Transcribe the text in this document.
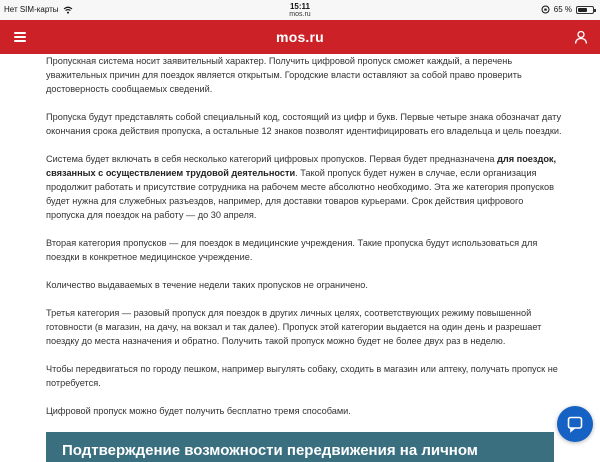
Нет SIM-карты	15:11
mos.ru
65 %
mos.ru

Пропускная система носит заявительный характер. Получить цифровой пропуск сможет каждый, а перечень уважительных причин для поездок является открытым. Городские власти оставляют за собой право проверить достоверность сообщаемых сведений.

Пропуска будут представлять собой специальный код, состоящий из цифр и букв. Первые четыре знака обозначат дату окончания срока действия пропуска, а остальные 12 знаков позволят идентифицировать его владельца и цель поездки.

Система будет включать в себя несколько категорий цифровых пропусков. Первая будет предназначена для поездок, связанных с осуществлением трудовой деятельности. Такой пропуск будет нужен в случае, если организация продолжит работать и присутствие сотрудника на рабочем месте абсолютно необходимо. Эта же категория пропусков будет нужна для служебных разъездов, например, для доставки товаров курьерами. Срок действия цифрового пропуска для поездок на работу — до 30 апреля.

Вторая категория пропусков — для поездок в медицинские учреждения. Такие пропуска будут использоваться для поездки в конкретное медицинское учреждение.

Количество выдаваемых в течение недели таких пропусков не ограничено.

Третья категория — разовый пропуск для поездок в других личных целях, соответствующих режиму повышенной готовности (в магазин, на дачу, на вокзал и так далее). Пропуск этой категории выдается на один день и разрешает поездку до места назначения и обратно. Получить такой пропуск можно будет не более двух раз в неделю.

Чтобы передвигаться по городу пешком, например выгулять собаку, сходить в магазин или аптеку, получать пропуск не потребуется.

Цифровой пропуск можно будет получить бесплатно тремя способами.

Подтверждение возможности передвижения на личном
